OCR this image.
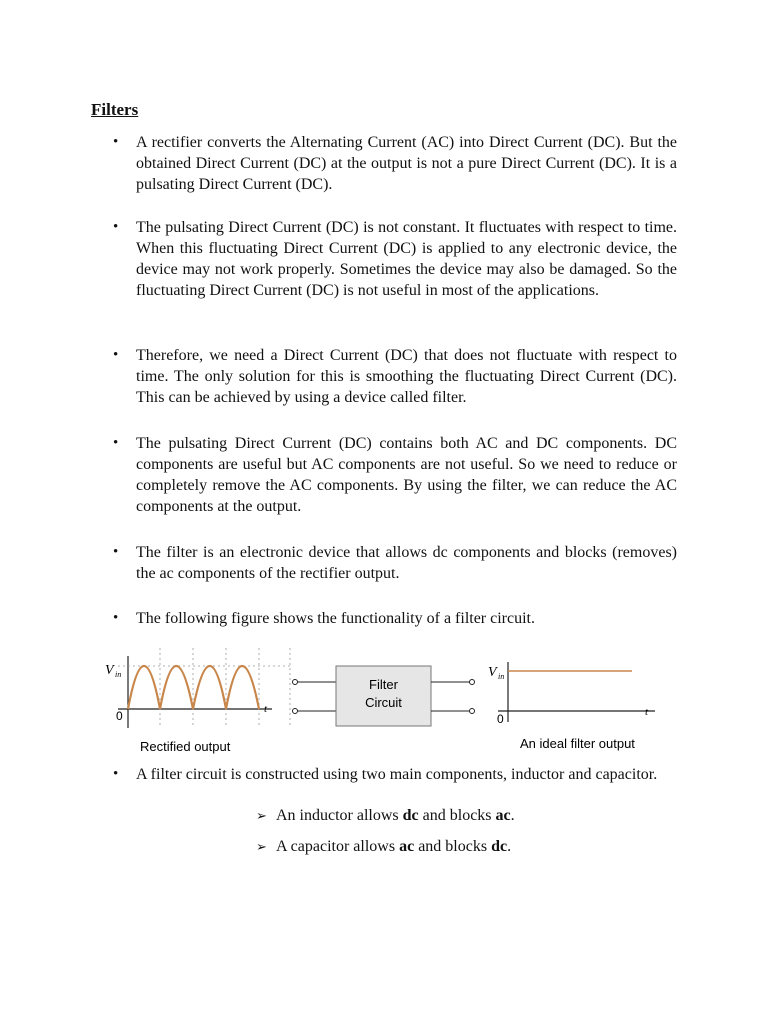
Filters
• A rectifier converts the Alternating Current (AC) into Direct Current (DC). But the obtained Direct Current (DC) at the output is not a pure Direct Current (DC). It is a pulsating Direct Current (DC).
• The pulsating Direct Current (DC) is not constant. It fluctuates with respect to time. When this fluctuating Direct Current (DC) is applied to any electronic device, the device may not work properly. Sometimes the device may also be damaged. So the fluctuating Direct Current (DC) is not useful in most of the applications.
• Therefore, we need a Direct Current (DC) that does not fluctuate with respect to time. The only solution for this is smoothing the fluctuating Direct Current (DC). This can be achieved by using a device called filter.
• The pulsating Direct Current (DC) contains both AC and DC components. DC components are useful but AC components are not useful. So we need to reduce or completely remove the AC components. By using the filter, we can reduce the AC components at the output.
• The filter is an electronic device that allows dc components and blocks (removes) the ac components of the rectifier output.
• The following figure shows the functionality of a filter circuit.
• A filter circuit is constructed using two main components, inductor and capacitor.
➢ An inductor allows dc and blocks ac.
➢ A capacitor allows ac and blocks dc.
V in
0	t
Rectified output
Filter
Circuit
V in
0	t
An ideal filter output
